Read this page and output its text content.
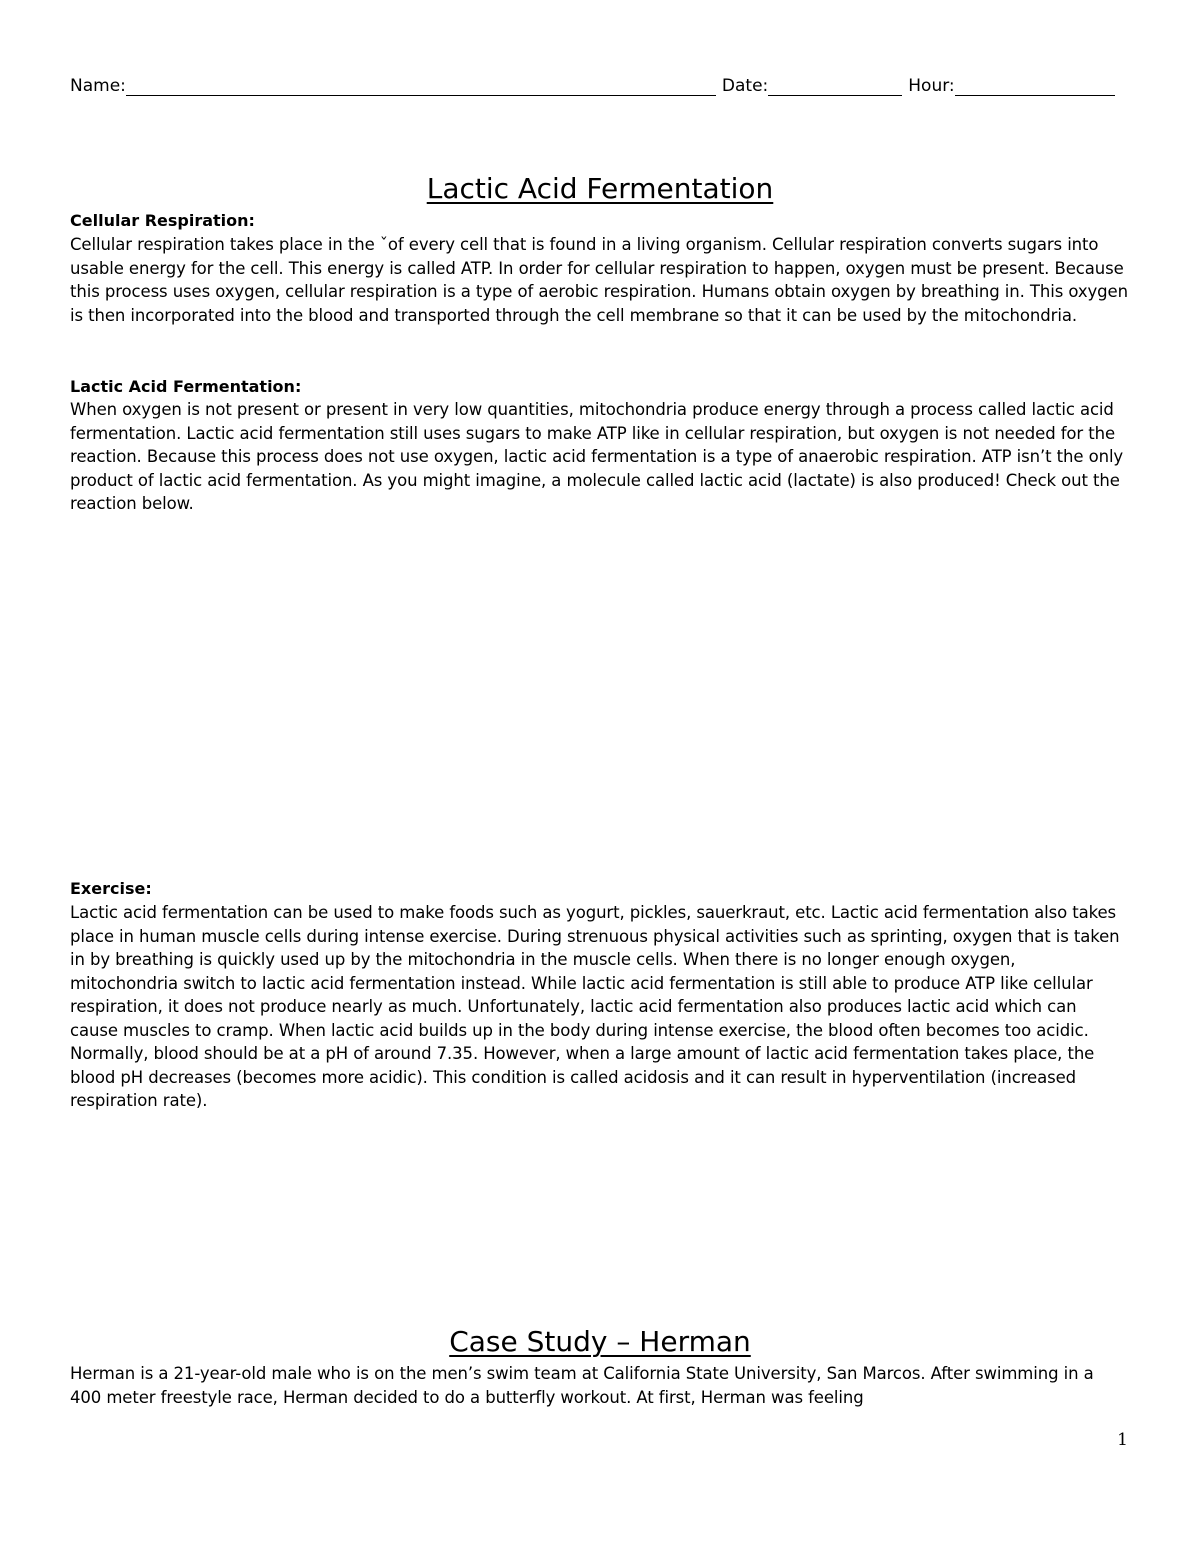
Name:	Date:	Hour:
Lactic Acid Fermentation
Cellular Respiration:
Cellular respiration takes place in the ˇof every cell that is found in a living organism. Cellular respiration converts sugars into usable energy for the cell. This energy is called ATP. In order for cellular respiration to happen, oxygen must be present. Because this process uses oxygen, cellular respiration is a type of aerobic respiration. Humans obtain oxygen by breathing in. This oxygen is then incorporated into the blood and transported through the cell membrane so that it can be used by the mitochondria.
Lactic Acid Fermentation:
When oxygen is not present or present in very low quantities, mitochondria produce energy through a process called lactic acid fermentation. Lactic acid fermentation still uses sugars to make ATP like in cellular respiration, but oxygen is not needed for the reaction. Because this process does not use oxygen, lactic acid fermentation is a type of anaerobic respiration. ATP isn’t the only product of lactic acid fermentation. As you might imagine, a molecule called lactic acid (lactate) is also produced! Check out the reaction below.
Exercise:
Lactic acid fermentation can be used to make foods such as yogurt, pickles, sauerkraut, etc. Lactic acid fermentation also takes place in human muscle cells during intense exercise. During strenuous physical activities such as sprinting, oxygen that is taken in by breathing is quickly used up by the mitochondria in the muscle cells. When there is no longer enough oxygen, mitochondria switch to lactic acid fermentation instead. While lactic acid fermentation is still able to produce ATP like cellular respiration, it does not produce nearly as much. Unfortunately, lactic acid fermentation also produces lactic acid which can cause muscles to cramp. When lactic acid builds up in the body during intense exercise, the blood often becomes too acidic. Normally, blood should be at a pH of around 7.35. However, when a large amount of lactic acid fermentation takes place, the blood pH decreases (becomes more acidic). This condition is called acidosis and it can result in hyperventilation (increased respiration rate).
Case Study – Herman
Herman is a 21-year-old male who is on the men’s swim team at California State University, San Marcos. After swimming in a 400 meter freestyle race, Herman decided to do a butterfly workout. At first, Herman was feeling
1
